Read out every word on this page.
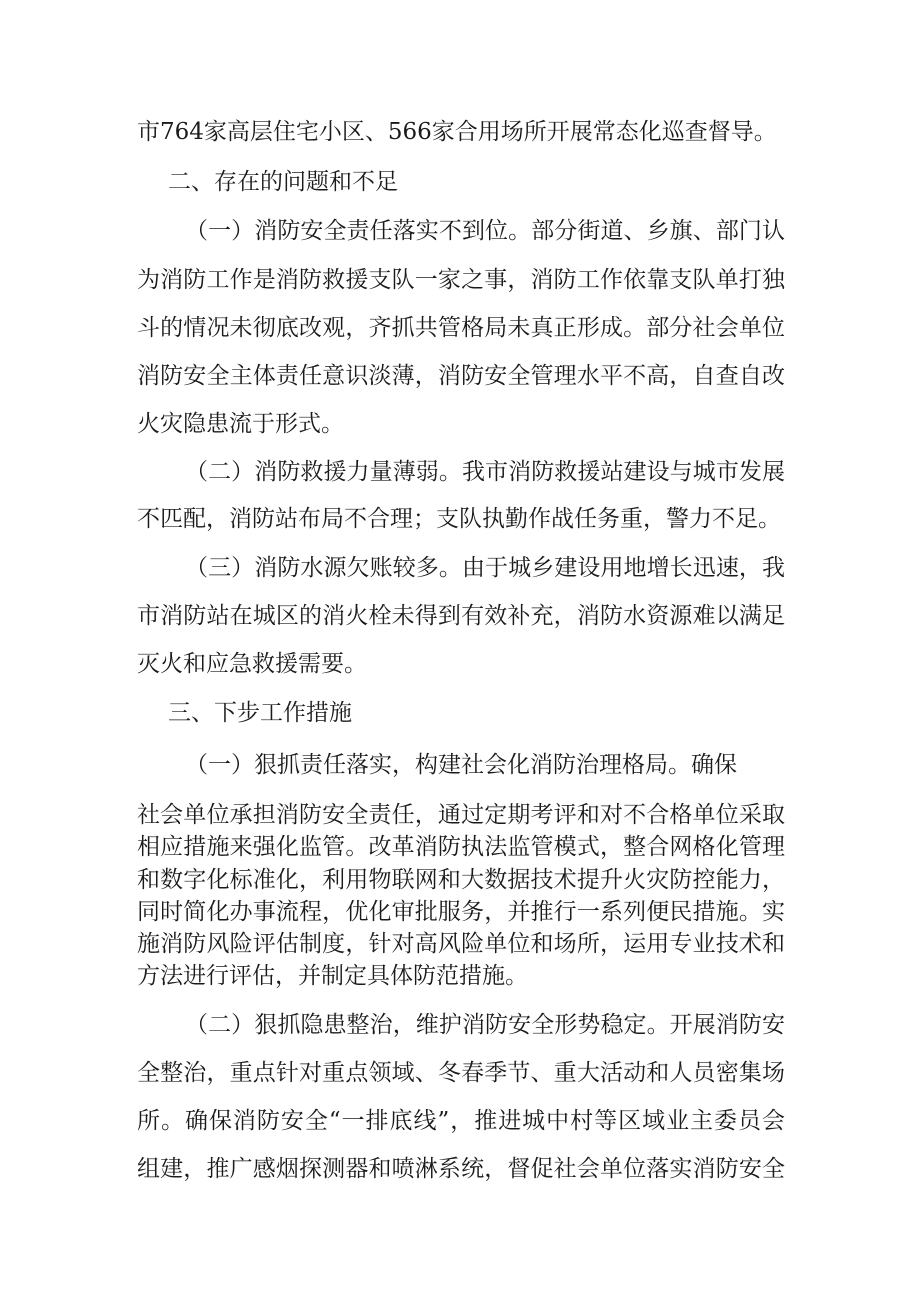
市764家高层住宅小区、566家合用场所开展常态化巡查督导。
二、存在的问题和不足
（一）消防安全责任落实不到位。部分街道、乡旗、部门认
为消防工作是消防救援支队一家之事，消防工作依靠支队单打独
斗的情况未彻底改观，齐抓共管格局未真正形成。部分社会单位
消防安全主体责任意识淡薄，消防安全管理水平不高，自查自改
火灾隐患流于形式。
（二）消防救援力量薄弱。我市消防救援站建设与城市发展
不匹配，消防站布局不合理；支队执勤作战任务重，警力不足。
（三）消防水源欠账较多。由于城乡建设用地增长迅速，我
市消防站在城区的消火栓未得到有效补充，消防水资源难以满足
灭火和应急救援需要。
三、下步工作措施
（一）狠抓责任落实，构建社会化消防治理格局。确保
社会单位承担消防安全责任，通过定期考评和对不合格单位采取
相应措施来强化监管。改革消防执法监管模式，整合网格化管理
和数字化标准化，利用物联网和大数据技术提升火灾防控能力，
同时简化办事流程，优化审批服务，并推行一系列便民措施。实
施消防风险评估制度，针对高风险单位和场所，运用专业技术和
方法进行评估，并制定具体防范措施。
（二）狠抓隐患整治，维护消防安全形势稳定。开展消防安
全整治，重点针对重点领域、冬春季节、重大活动和人员密集场
所。确保消防安全“一排底线”，推进城中村等区域业主委员会
组建，推广感烟探测器和喷淋系统，督促社会单位落实消防安全
